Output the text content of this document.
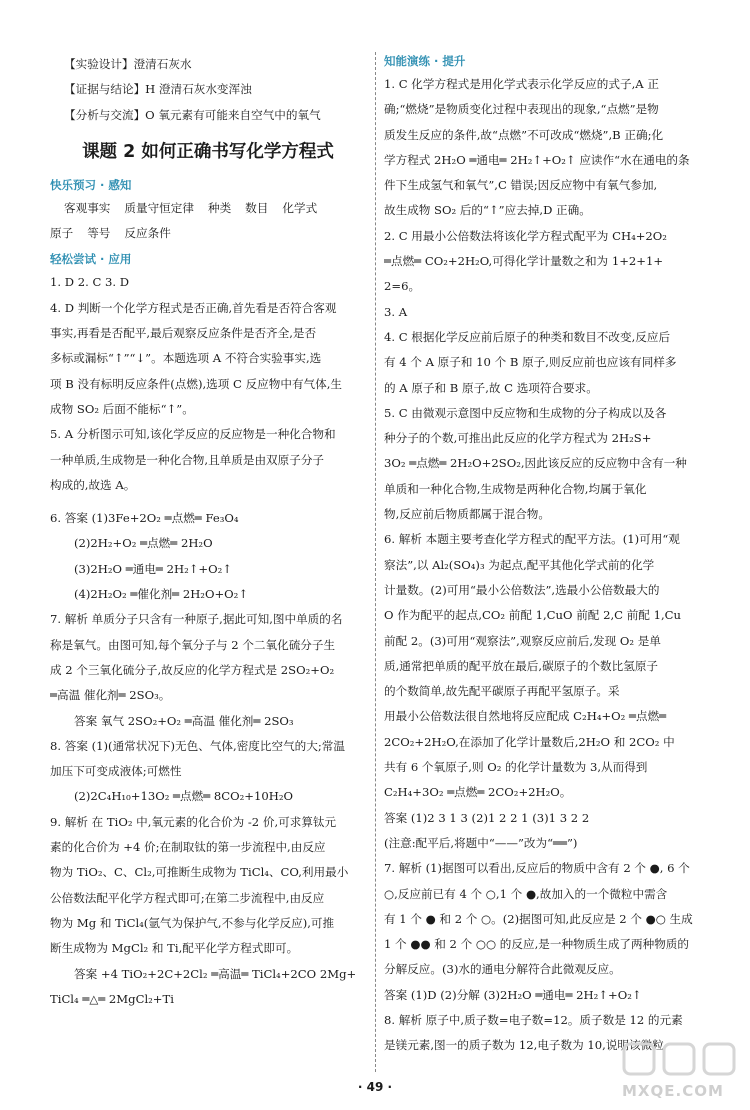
【实验设计】澄清石灰水
【证据与结论】H 澄清石灰水变浑浊
【分析与交流】O 氧元素有可能来自空气中的氧气
课题 2 如何正确书写化学方程式
快乐预习 · 感知
客观事实 质量守恒定律 种类 数目 化学式
原子 等号 反应条件
轻松尝试 · 应用
1. D 2. C 3. D
4. D 判断一个化学方程式是否正确,首先看是否符合客观
事实,再看是否配平,最后观察反应条件是否齐全,是否
多标或漏标“↑”“↓”。本题选项 A 不符合实验事实,选
项 B 没有标明反应条件(点燃),选项 C 反应物中有气体,生
成物 SO₂ 后面不能标“↑”。
5. A 分析图示可知,该化学反应的反应物是一种化合物和
一种单质,生成物是一种化合物,且单质是由双原子分子
构成的,故选 A。
6. 答案 (1)3Fe+2O₂ ═点燃═ Fe₃O₄
(2)2H₂+O₂ ═点燃═ 2H₂O
(3)2H₂O ═通电═ 2H₂↑+O₂↑
(4)2H₂O₂ ═催化剂═ 2H₂O+O₂↑
7. 解析 单质分子只含有一种原子,据此可知,图中单质的名
称是氧气。由图可知,每个氧分子与 2 个二氧化硫分子生
成 2 个三氧化硫分子,故反应的化学方程式是 2SO₂+O₂
═高温 催化剂═ 2SO₃。
答案 氧气 2SO₂+O₂ ═高温 催化剂═ 2SO₃
8. 答案 (1)(通常状况下)无色、气体,密度比空气的大;常温
加压下可变成液体;可燃性
(2)2C₄H₁₀+13O₂ ═点燃═ 8CO₂+10H₂O
9. 解析 在 TiO₂ 中,氧元素的化合价为 -2 价,可求算钛元
素的化合价为 +4 价;在制取钛的第一步流程中,由反应
物为 TiO₂、C、Cl₂,可推断生成物为 TiCl₄、CO,利用最小
公倍数法配平化学方程式即可;在第二步流程中,由反应
物为 Mg 和 TiCl₄(氩气为保护气,不参与化学反应),可推
断生成物为 MgCl₂ 和 Ti,配平化学方程式即可。
答案 +4 TiO₂+2C+2Cl₂ ═高温═ TiCl₄+2CO 2Mg+
TiCl₄ ═△═ 2MgCl₂+Ti
知能演练 · 提升
1. C 化学方程式是用化学式表示化学反应的式子,A 正
确;“燃烧”是物质变化过程中表现出的现象,“点燃”是物
质发生反应的条件,故“点燃”不可改成“燃烧”,B 正确;化
学方程式 2H₂O ═通电═ 2H₂↑+O₂↑ 应读作“水在通电的条
件下生成氢气和氧气”,C 错误;因反应物中有氧气参加,
故生成物 SO₂ 后的“↑”应去掉,D 正确。
2. C 用最小公倍数法将该化学方程式配平为 CH₄+2O₂
═点燃═ CO₂+2H₂O,可得化学计量数之和为 1+2+1+
2=6。
3. A
4. C 根据化学反应前后原子的种类和数目不改变,反应后
有 4 个 A 原子和 10 个 B 原子,则反应前也应该有同样多
的 A 原子和 B 原子,故 C 选项符合要求。
5. C 由微观示意图中反应物和生成物的分子构成以及各
种分子的个数,可推出此反应的化学方程式为 2H₂S+
3O₂ ═点燃═ 2H₂O+2SO₂,因此该反应的反应物中含有一种
单质和一种化合物,生成物是两种化合物,均属于氧化
物,反应前后物质都属于混合物。
6. 解析 本题主要考查化学方程式的配平方法。(1)可用“观
察法”,以 Al₂(SO₄)₃ 为起点,配平其他化学式前的化学
计量数。(2)可用“最小公倍数法”,选最小公倍数最大的
O 作为配平的起点,CO₂ 前配 1,CuO 前配 2,C 前配 1,Cu
前配 2。(3)可用“观察法”,观察反应前后,发现 O₂ 是单
质,通常把单质的配平放在最后,碳原子的个数比氢原子
的个数简单,故先配平碳原子再配平氢原子。采
用最小公倍数法很自然地将反应配成 C₂H₄+O₂ ═点燃═
2CO₂+2H₂O,在添加了化学计量数后,2H₂O 和 2CO₂ 中
共有 6 个氧原子,则 O₂ 的化学计量数为 3,从而得到
C₂H₄+3O₂ ═点燃═ 2CO₂+2H₂O。
答案 (1)2 3 1 3 (2)1 2 2 1 (3)1 3 2 2
(注意:配平后,将题中“——”改为“══”)
7. 解析 (1)据图可以看出,反应后的物质中含有 2 个 ●, 6 个
○,反应前已有 4 个 ○,1 个 ●,故加入的一个微粒中需含
有 1 个 ● 和 2 个 ○。(2)据图可知,此反应是 2 个 ●○ 生成
1 个 ●● 和 2 个 ○○ 的反应,是一种物质生成了两种物质的
分解反应。(3)水的通电分解符合此微观反应。
答案 (1)D (2)分解 (3)2H₂O ═通电═ 2H₂↑+O₂↑
8. 解析 原子中,质子数=电子数=12。质子数是 12 的元素
是镁元素,图一的质子数为 12,电子数为 10,说明该微粒
· 49 ·	MXQE.COM
